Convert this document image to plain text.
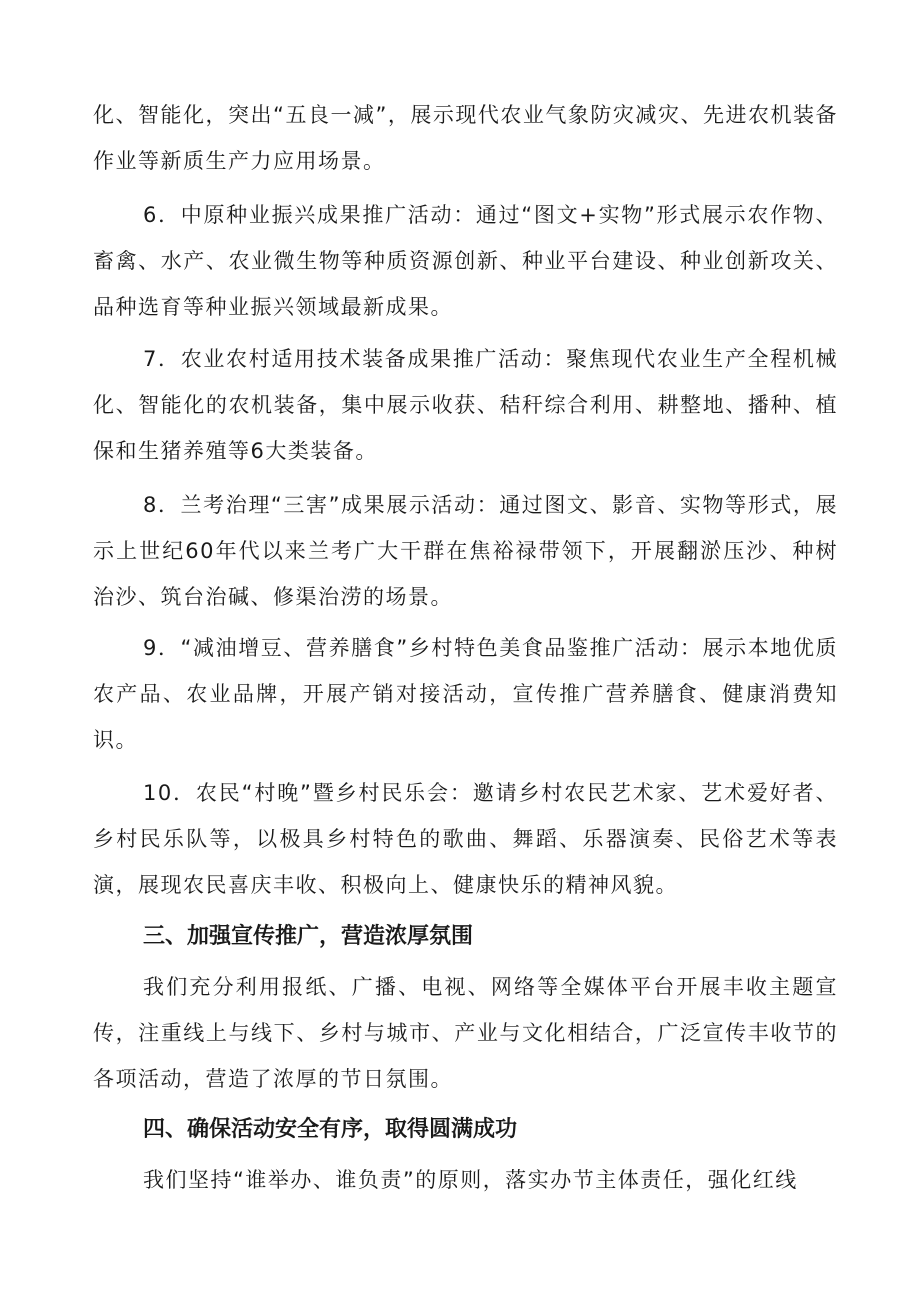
化、智能化，突出“五良一减”，展示现代农业气象防灾减灾、先进农机装备作业等新质生产力应用场景。

6．中原种业振兴成果推广活动：通过“图文+实物”形式展示农作物、畜禽、水产、农业微生物等种质资源创新、种业平台建设、种业创新攻关、品种选育等种业振兴领域最新成果。

7．农业农村适用技术装备成果推广活动：聚焦现代农业生产全程机械化、智能化的农机装备，集中展示收获、秸秆综合利用、耕整地、播种、植保和生猪养殖等6大类装备。

8．兰考治理“三害”成果展示活动：通过图文、影音、实物等形式，展示上世纪60年代以来兰考广大干群在焦裕禄带领下，开展翻淤压沙、种树治沙、筑台治碱、修渠治涝的场景。

9．“减油增豆、营养膳食”乡村特色美食品鉴推广活动：展示本地优质农产品、农业品牌，开展产销对接活动，宣传推广营养膳食、健康消费知识。

10．农民“村晚”暨乡村民乐会：邀请乡村农民艺术家、艺术爱好者、乡村民乐队等，以极具乡村特色的歌曲、舞蹈、乐器演奏、民俗艺术等表演，展现农民喜庆丰收、积极向上、健康快乐的精神风貌。

三、加强宣传推广，营造浓厚氛围

我们充分利用报纸、广播、电视、网络等全媒体平台开展丰收主题宣传，注重线上与线下、乡村与城市、产业与文化相结合，广泛宣传丰收节的各项活动，营造了浓厚的节日氛围。

四、确保活动安全有序，取得圆满成功

我们坚持“谁举办、谁负责”的原则，落实办节主体责任，强化红线
